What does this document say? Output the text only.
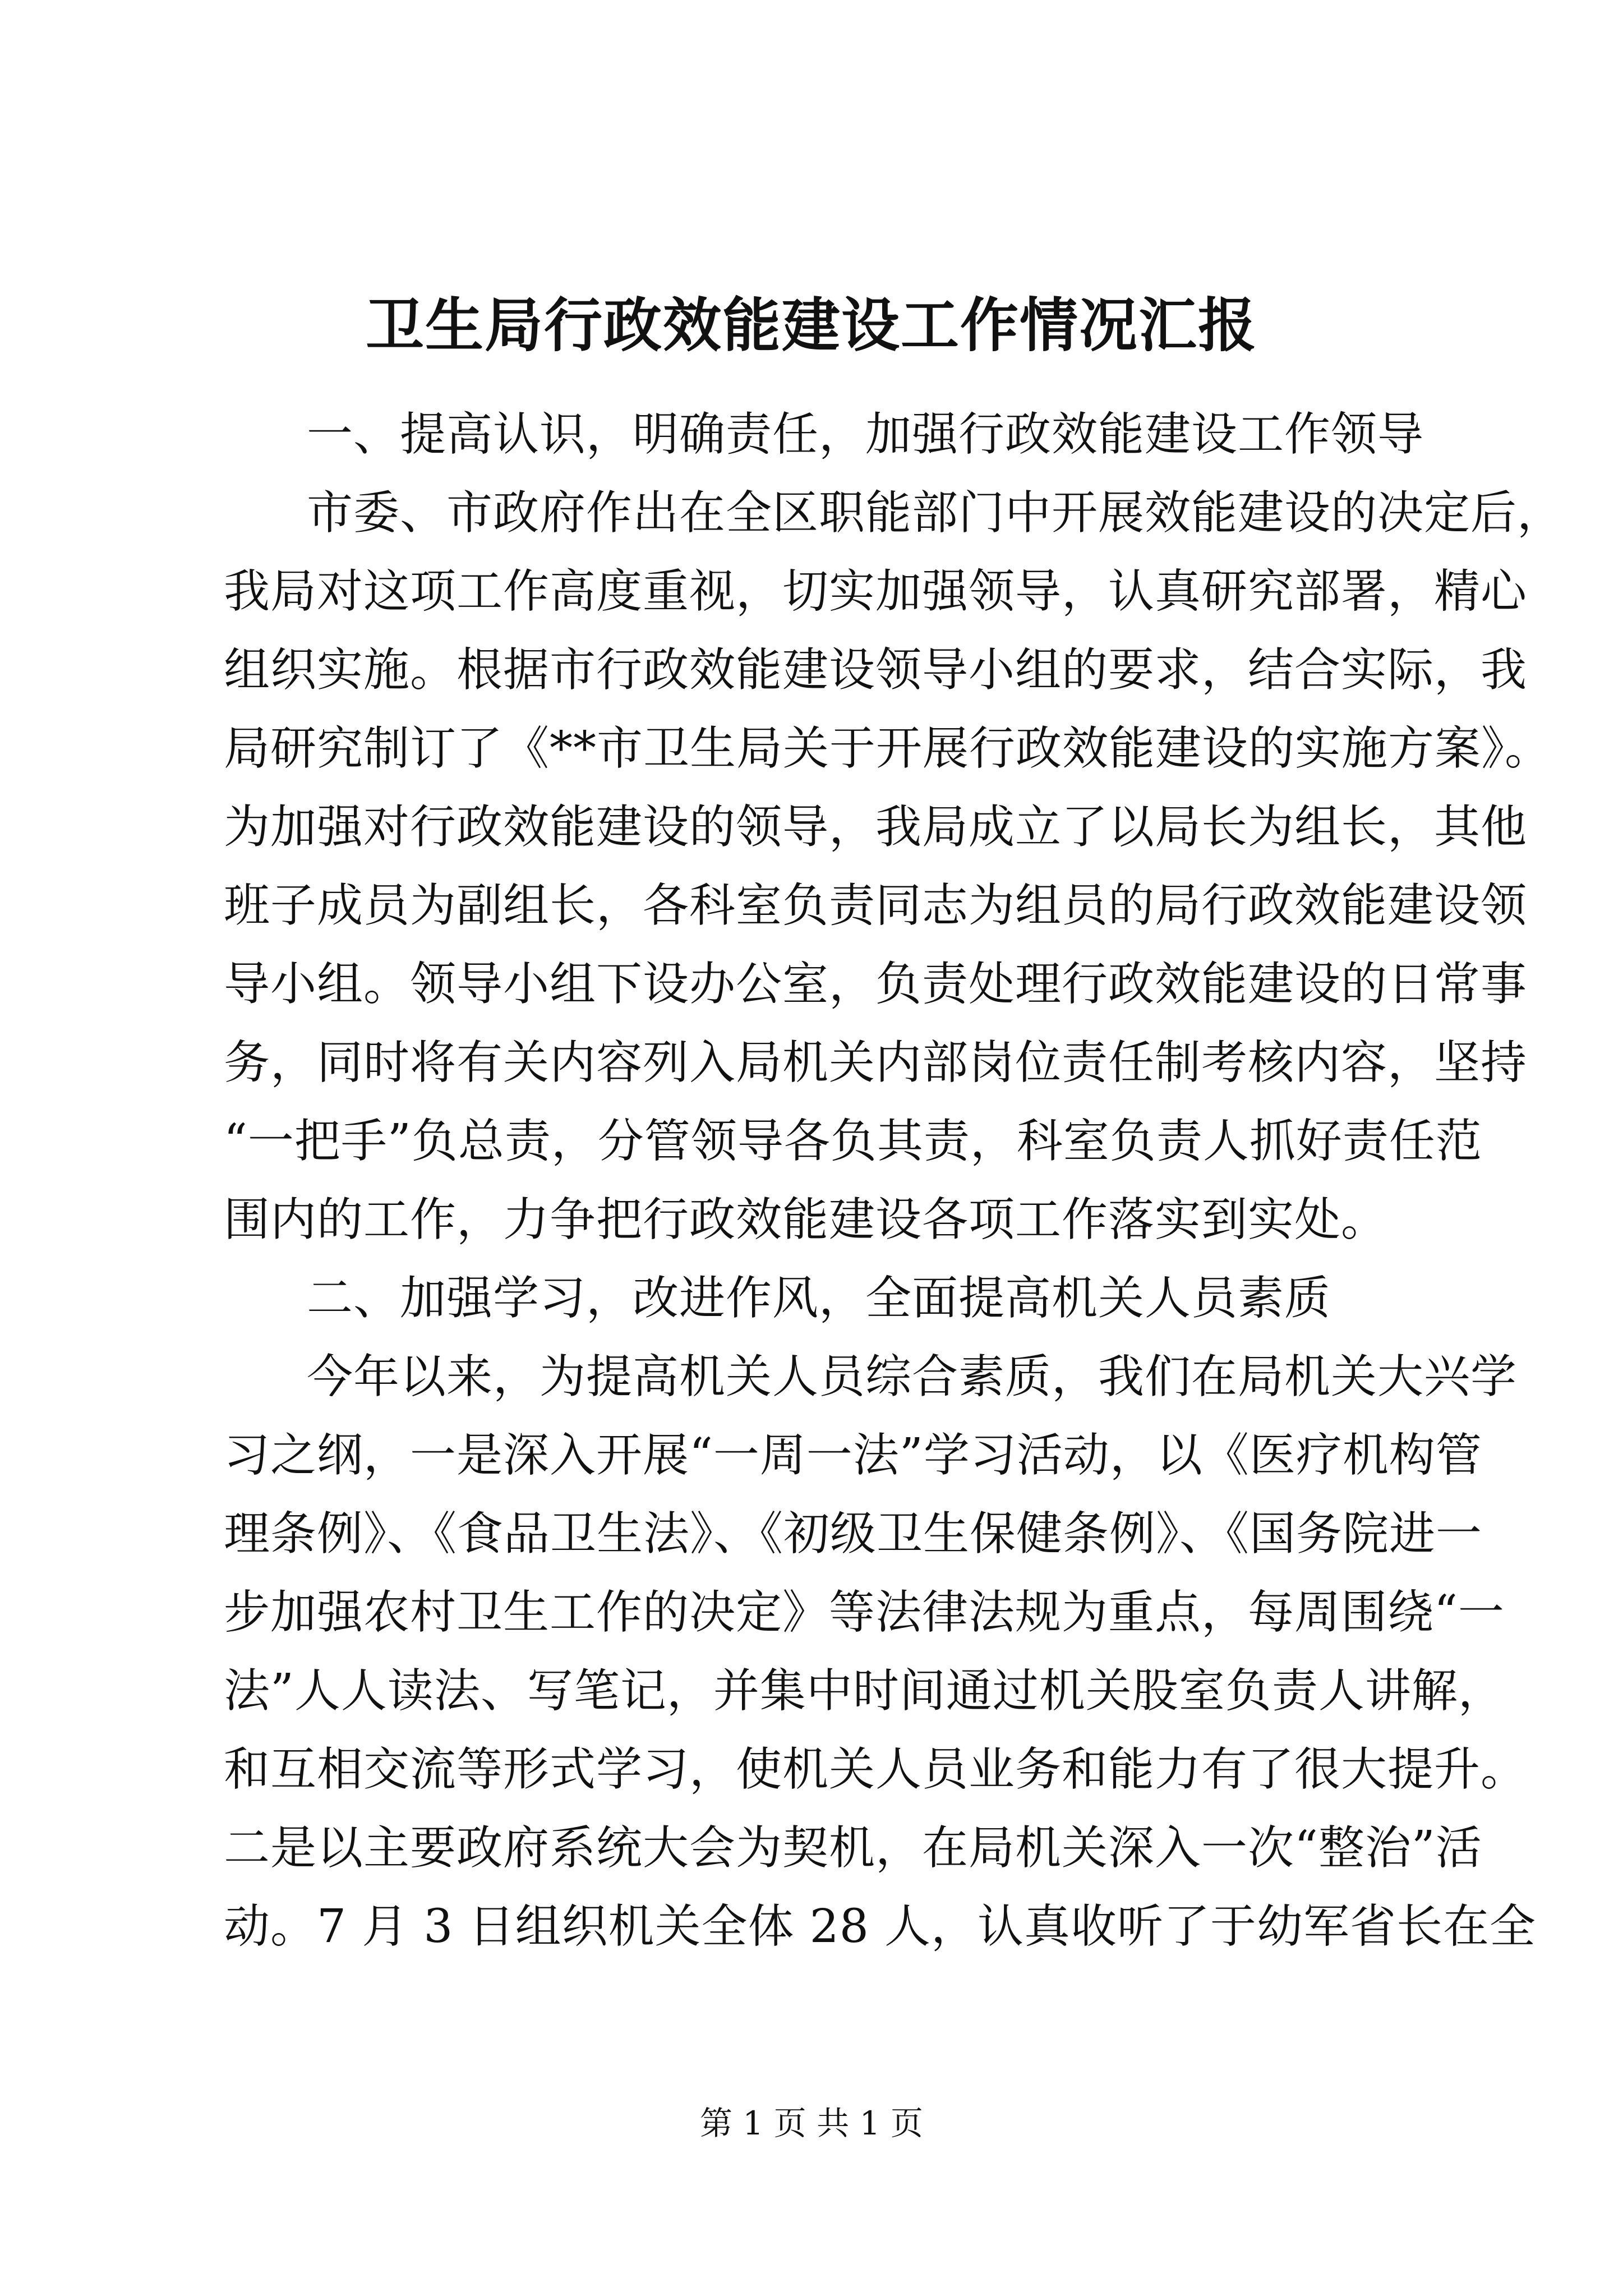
卫生局行政效能建设工作情况汇报
一、提高认识，明确责任，加强行政效能建设工作领导
市委、市政府作出在全区职能部门中开展效能建设的决定后，
我局对这项工作高度重视，切实加强领导，认真研究部署，精心
组织实施。根据市行政效能建设领导小组的要求，结合实际，我
局研究制订了《**市卫生局关于开展行政效能建设的实施方案》。
为加强对行政效能建设的领导，我局成立了以局长为组长，其他
班子成员为副组长，各科室负责同志为组员的局行政效能建设领
导小组。领导小组下设办公室，负责处理行政效能建设的日常事
务，同时将有关内容列入局机关内部岗位责任制考核内容，坚持
“一把手”负总责，分管领导各负其责，科室负责人抓好责任范
围内的工作，力争把行政效能建设各项工作落实到实处。
二、加强学习，改进作风，全面提高机关人员素质
今年以来，为提高机关人员综合素质，我们在局机关大兴学
习之纲，一是深入开展“一周一法”学习活动，以《医疗机构管
理条例》、《食品卫生法》、《初级卫生保健条例》、《国务院进一
步加强农村卫生工作的决定》等法律法规为重点，每周围绕“一
法”人人读法、写笔记，并集中时间通过机关股室负责人讲解，
和互相交流等形式学习，使机关人员业务和能力有了很大提升。
二是以主要政府系统大会为契机，在局机关深入一次“整治”活
动。7 月 3 日组织机关全体 28 人，认真收听了于幼军省长在全
第 1 页 共 1 页
